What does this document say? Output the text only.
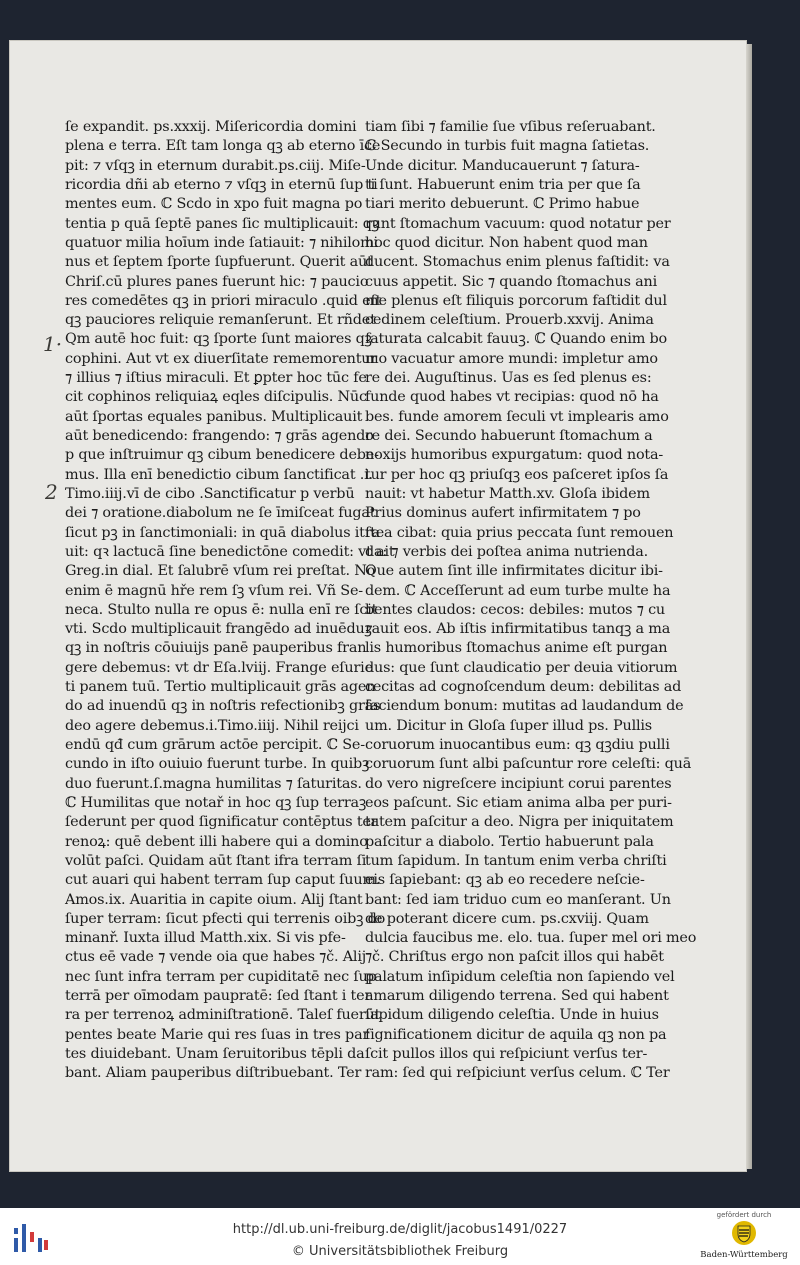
ſe expandit. ps.xxxij. Miſericordia domini
plena e terra. Eſt tam longa qꝫ ab eterno īce
pit: ⁊ vſqꝫ in eternum durabit.ps.ciij. Miſe-
ricordia dñi ab eterno ⁊ vſqꝫ in eternū ſup ti
mentes eum. ℂ Scdo in xpo fuit magna po
tentia p quā ſeptē panes ſic multiplicauit: qꝫ
quatuor milia hoīum inde ſatiauit: ⁊ nihilomi
nus et ſeptem ſporte ſupfuerunt. Querit aūt
Chriſ.cū plures panes fuerunt hic: ⁊ paucio
res comedētes qꝫ in priori miraculo .quid eſt
qꝫ pauciores reliquie remanſerunt. Et rñdet
Qm autē hoc fuit: qꝫ ſporte ſunt maiores qꝫ
cophini. Aut vt ex diuerſitate rememorentur
⁊ illius ⁊ iſtius miraculi. Et ꝑpter hoc tūc fe
cit cophinos reliquiaꝝ eqles diſcipulis. Nūc
aūt ſportas equales panibus. Multiplicauit
aūt benedicendo: frangendo: ⁊ grās agendo
p que inſtruimur qꝫ cibum benedicere debe-
mus. Illa enī benedictio cibum ſanctificat .i.
Timo.iiij.vī de cibo .Sanctificatur p verbū
dei ⁊ oratione.diabolum ne ſe īmiſceat fugat
ſicut pꝫ in ſanctimoniali: in quā diabolus itra
uit: qꝛ lactucā ſine benedictōne comedit: vt ait
Greg.in dial. Et ſalubrē vſum rei preſtat. Nō
enim ē magnū hře rem ſꝫ vſum rei. Vñ Se-
neca. Stulto nulla re opus ē: nulla enī re ſcit
vti. Scdo multiplicauit frangēdo ad inuēduꝫ
qꝫ in noſtris cōuiuijs panē pauperibus fran
gere debemus: vt dr Eſa.lviij. Frange eſurie
ti panem tuū. Tertio multiplicauit grās agen
do ad inuendū qꝫ in noſtris refectionibꝫ grās
deo agere debemus.i.Timo.iiij. Nihil reijci
endū qđ cum grārum actōe percipit. ℂ Se-
cundo in iſto ouiuio fuerunt turbe. In quibꝫ
duo fuerunt.ſ.magna humilitas ⁊ ſaturitas.
ℂ Humilitas que notař in hoc qꝫ ſup terraꝫ
ſederunt per quod ſignificatur contēptus ter
renoꝝ: quē debent illi habere qui a domino
volūt paſci. Quidam aūt ſtant ifra terram ſi
cut auari qui habent terram ſup caput ſuum.
Amos.ix. Auaritia in capite oium. Alij ſtant
ſuper terram: ſicut pfecti qui terrenis oibꝫ do
minanř. Iuxta illud Matth.xix. Si vis pfe-
ctus eē vade ⁊ vende oia que habes ⁊č. Alij
nec ſunt infra terram per cupiditatē nec ſup
terrā per oīmodam paupratē: ſed ſtant i ter
ra per terrenoꝝ adminiſtrationē. Taleſ fuerūt
pentes beate Marie qui res ſuas in tres par
tes diuidebant. Unam ſeruitoribus tēpli da
bant. Aliam pauperibus diſtribuebant. Ter
tiam ſibi ⁊ familie ſue vſibus reſeruabant.
ℂ Secundo in turbis fuit magna ſatietas.
Unde dicitur. Manducauerunt ⁊ ſatura-
ti ſunt. Habuerunt enim tria per que ſa
tiari merito debuerunt. ℂ Primo habue
runt ſtomachum vacuum: quod notatur per
hoc quod dicitur. Non habent quod man
ducent. Stomachus enim plenus faſtidit: va
cuus appetit. Sic ⁊ quando ſtomachus ani
me plenus eſt filiquis porcorum faſtidit dul
cedinem celeſtium. Prouerb.xxvij. Anima
ſaturata calcabit fauuꝫ. ℂ Quando enim bo
mo vacuatur amore mundi: impletur amo
re dei. Auguſtinus. Uas es ſed plenus es:
funde quod habes vt recipias: quod nō ha
bes. funde amorem ſeculi vt implearis amo
re dei. Secundo habuerunt ſtomachum a
noxijs humoribus expurgatum: quod nota-
tur per hoc qꝫ priuſqꝫ eos paſceret ipſos ſa
nauit: vt habetur Matth.xv. Gloſa ibidem
Prius dominus aufert infirmitatem ⁊ po
ſtea cibat: quia prius peccata ſunt remouen
da: ⁊ verbis dei poſtea anima nutrienda.
Que autem ſint ille infirmitates dicitur ibi-
dem. ℂ Acceſſerunt ad eum turbe multe ha
bentes claudos: cecos: debiles: mutos ⁊ cu
rauit eos. Ab iſtis infirmitatibus tanqꝫ a ma
lis humoribus ſtomachus anime eſt purgan
dus: que ſunt claudicatio per deuia vitiorum
cecitas ad cognoſcendum deum: debilitas ad
faciendum bonum: mutitas ad laudandum de
um. Dicitur in Gloſa ſuper illud ps. Pullis
coruorum inuocantibus eum: qꝫ qꝫdiu pulli
coruorum ſunt albi paſcuntur rore celeſti: quā
do vero nigreſcere incipiunt corui parentes
eos paſcunt. Sic etiam anima alba per puri-
tatem paſcitur a deo. Nigra per iniquitatem
paſcitur a diabolo. Tertio habuerunt pala
tum ſapidum. In tantum enim verba chriſti
eis ſapiebant: qꝫ ab eo recedere neſcie-
bant: ſed iam triduo cum eo manſerant. Un
de poterant dicere cum. ps.cxviij. Quam
dulcia faucibus me. elo. tua. ſuper mel ori meo
⁊č. Chriſtus ergo non paſcit illos qui habēt
palatum inſipidum celeſtia non ſapiendo vel
amarum diligendo terrena. Sed qui habent
ſapidum diligendo celeſtia. Unde in huius
ſignificationem dicitur de aquila qꝫ non pa
ſcit pullos illos qui reſpiciunt verſus ter-
ram: ſed qui reſpiciunt verſus celum. ℂ Ter
1·
2
http://dl.ub.uni-freiburg.de/diglit/jacobus1491/0227
© Universitätsbibliothek Freiburg
gefördert durch
Baden-Württemberg
